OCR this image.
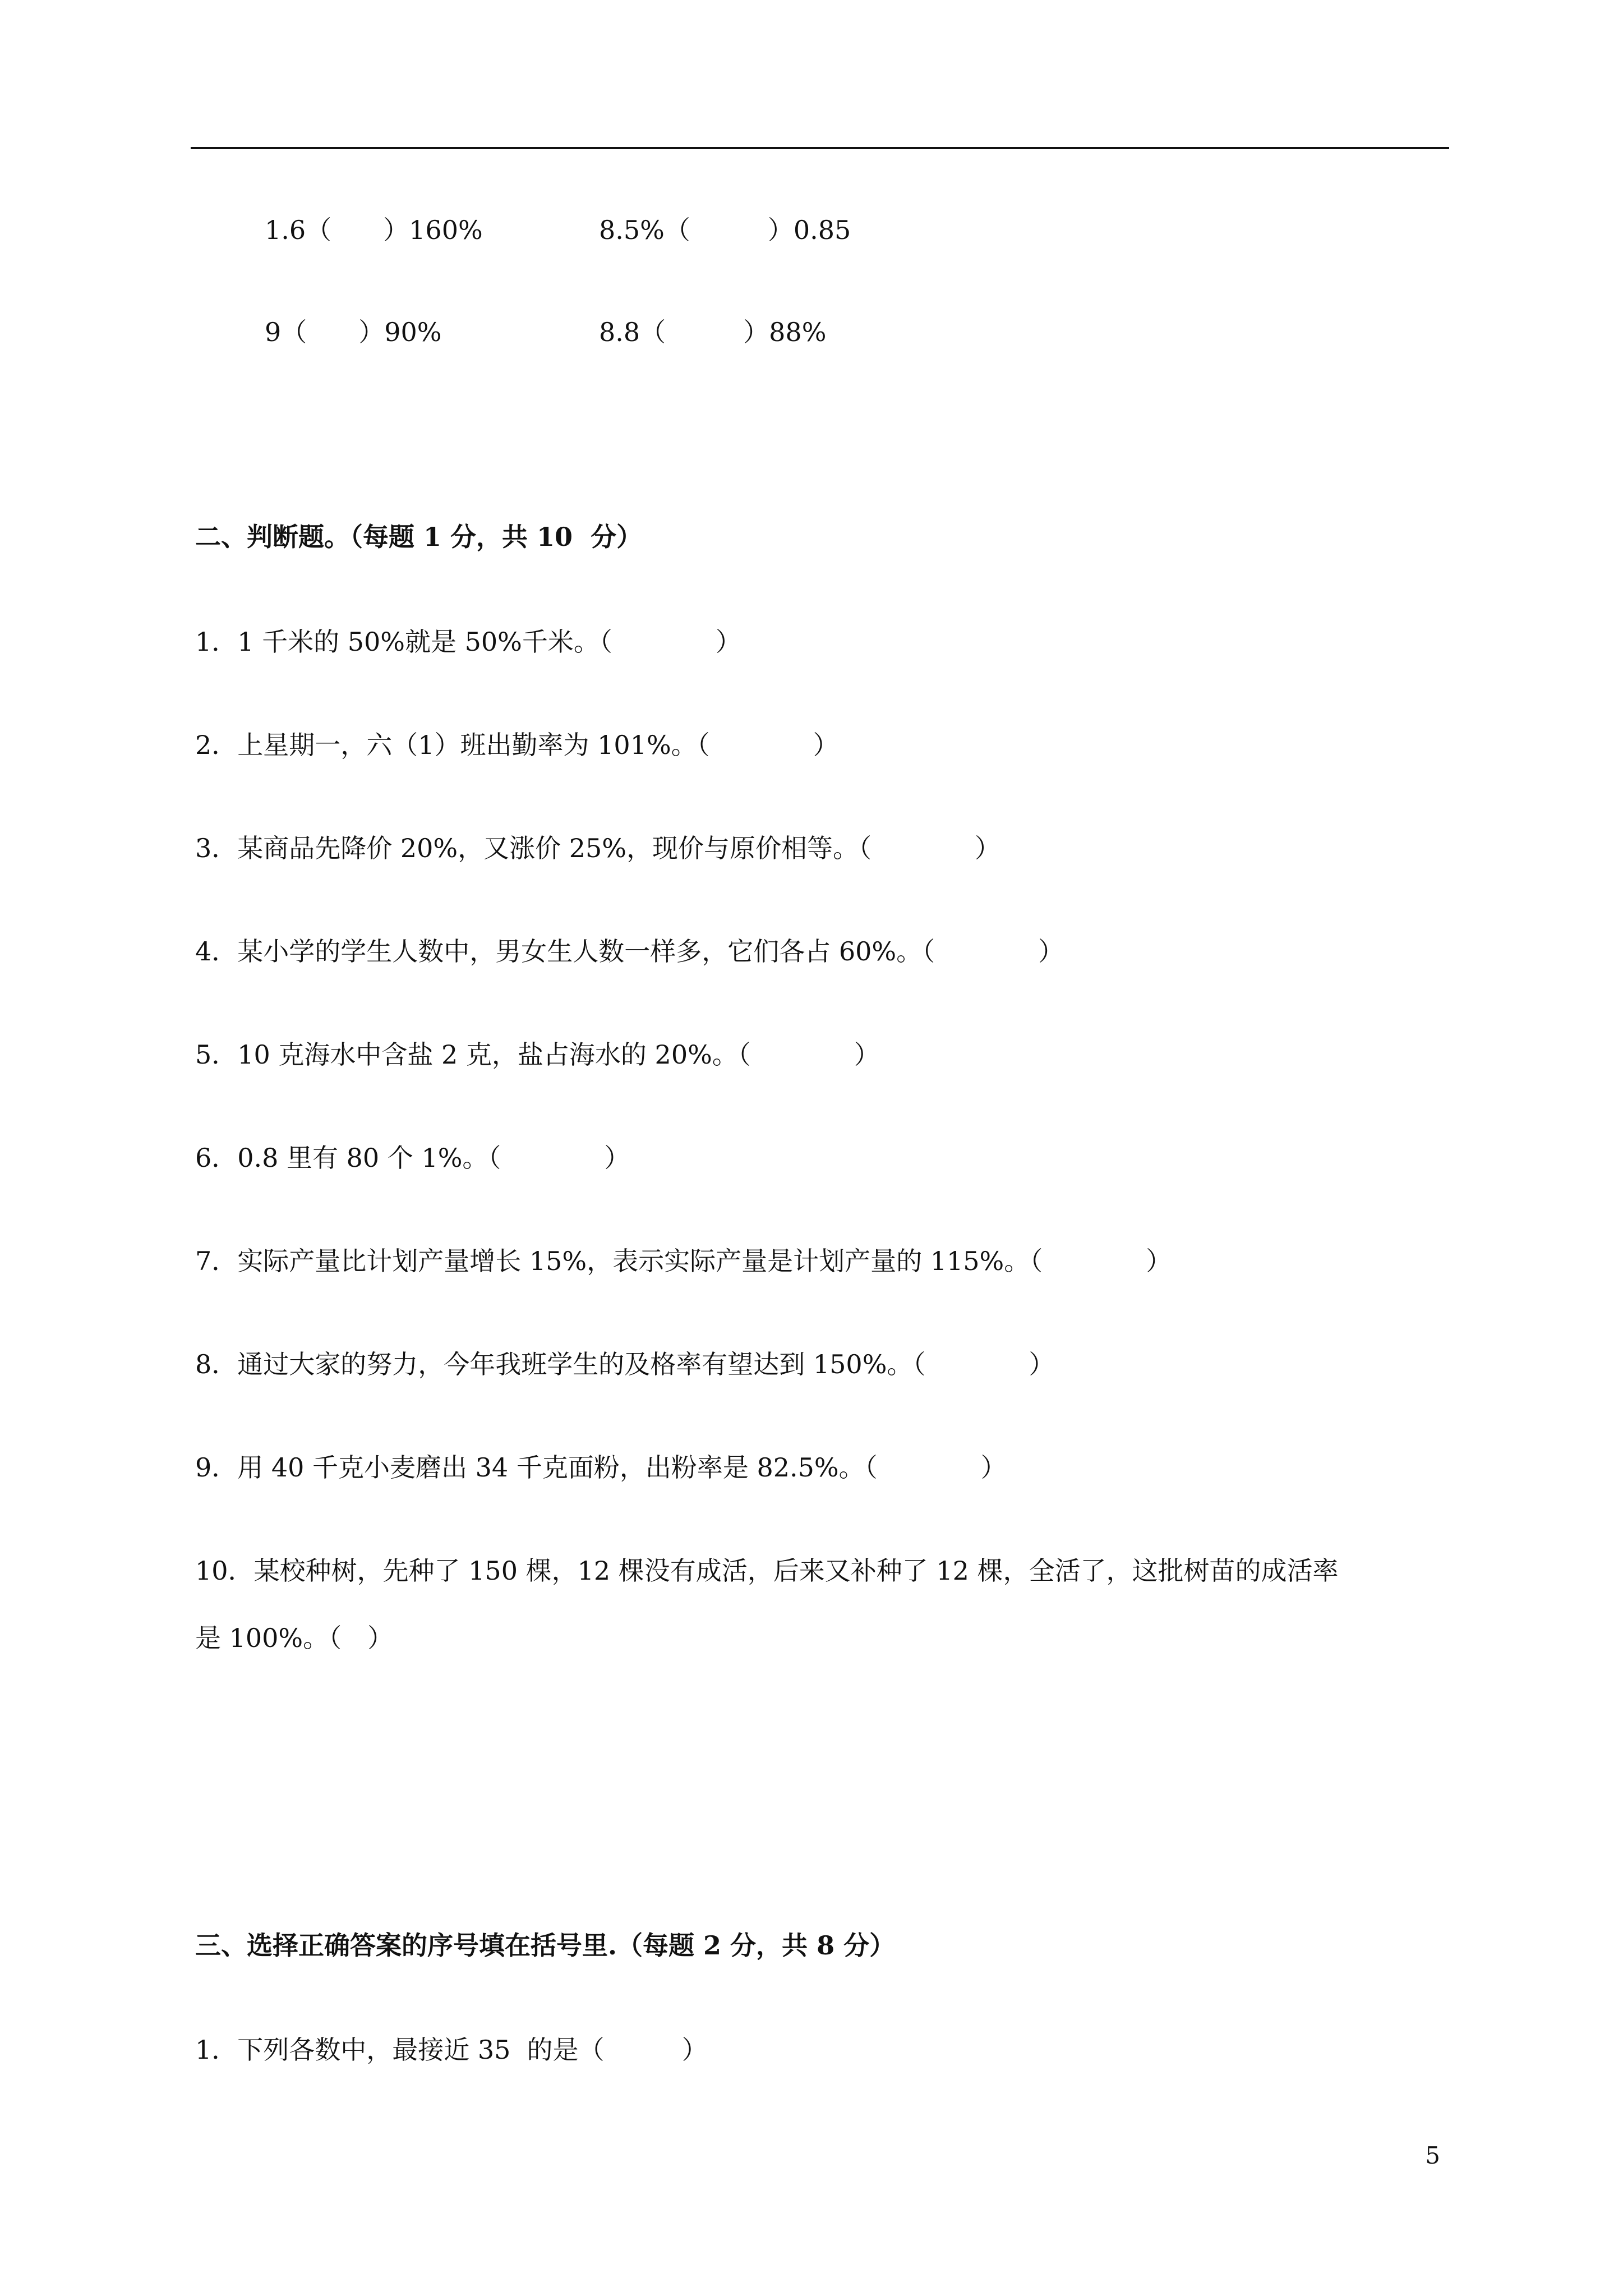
1.6（　　）160%	8.5%（　　　）0.85
9（　　）90%	8.8（　　　）88%
二、判断题。（每题 1 分，共 10  分）
1．1 千米的 50%就是 50%千米。（　　　　）
2．上星期一，六（1）班出勤率为 101%。（　　　　）
3．某商品先降价 20%，又涨价 25%，现价与原价相等。（　　　　）
4．某小学的学生人数中，男女生人数一样多，它们各占 60%。（　　　　）
5．10 克海水中含盐 2 克，盐占海水的 20%。（　　　　）
6．0.8 里有 80 个 1%。（　　　　）
7．实际产量比计划产量增长 15%，表示实际产量是计划产量的 115%。（　　　　）
8．通过大家的努力，今年我班学生的及格率有望达到 150%。（　　　　）
9．用 40 千克小麦磨出 34 千克面粉，出粉率是 82.5%。（　　　　）
10．某校种树，先种了 150 棵，12 棵没有成活，后来又补种了 12 棵，全活了，这批树苗的成活率
是 100%。（　）
三、选择正确答案的序号填在括号里.（每题 2 分，共 8 分）
1．下列各数中，最接近 35  的是（　　　）
5
